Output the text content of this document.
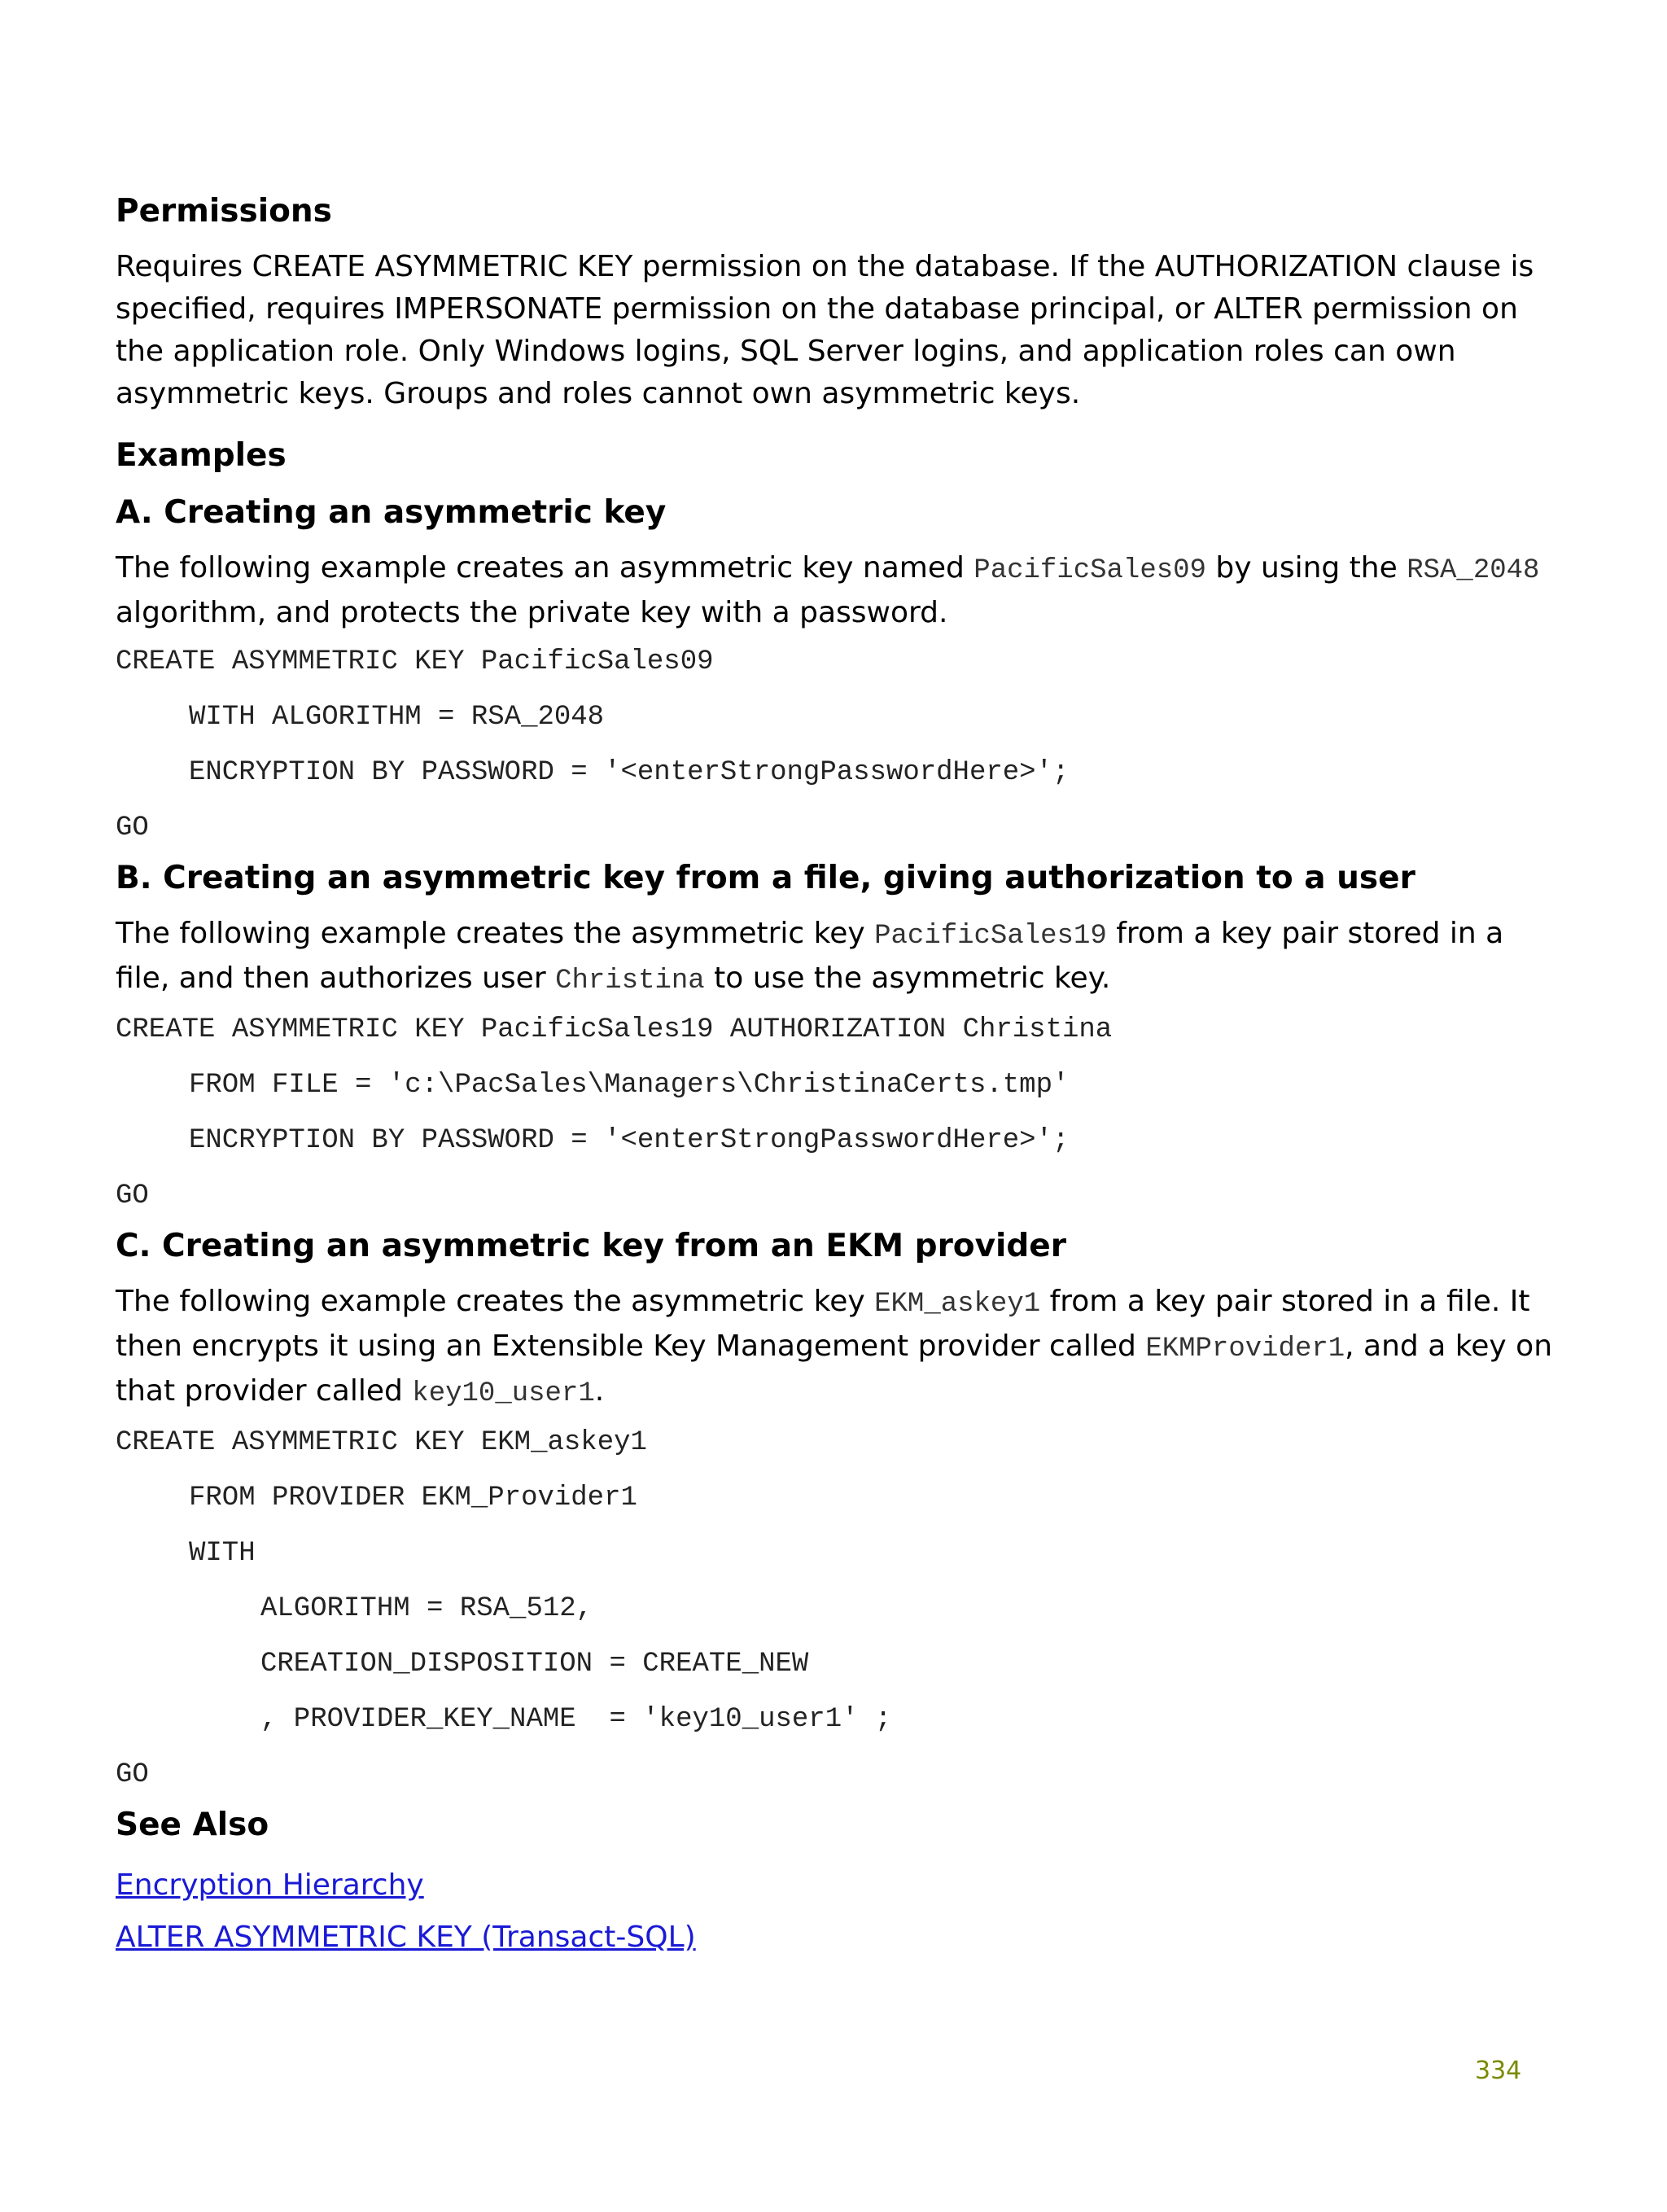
Permissions

Requires CREATE ASYMMETRIC KEY permission on the database. If the AUTHORIZATION clause is specified, requires IMPERSONATE permission on the database principal, or ALTER permission on the application role. Only Windows logins, SQL Server logins, and application roles can own asymmetric keys. Groups and roles cannot own asymmetric keys.

Examples
A. Creating an asymmetric key

The following example creates an asymmetric key named PacificSales09 by using the RSA_2048 algorithm, and protects the private key with a password.

CREATE ASYMMETRIC KEY PacificSales09
WITH ALGORITHM = RSA_2048
ENCRYPTION BY PASSWORD = '<enterStrongPasswordHere>';
GO
B. Creating an asymmetric key from a file, giving authorization to a user

The following example creates the asymmetric key PacificSales19 from a key pair stored in a file, and then authorizes user Christina to use the asymmetric key.

CREATE ASYMMETRIC KEY PacificSales19 AUTHORIZATION Christina
FROM FILE = 'c:\PacSales\Managers\ChristinaCerts.tmp'
ENCRYPTION BY PASSWORD = '<enterStrongPasswordHere>';
GO
C. Creating an asymmetric key from an EKM provider

The following example creates the asymmetric key EKM_askey1 from a key pair stored in a file. It then encrypts it using an Extensible Key Management provider called EKMProvider1, and a key on that provider called key10_user1.

CREATE ASYMMETRIC KEY EKM_askey1
FROM PROVIDER EKM_Provider1
WITH
ALGORITHM = RSA_512,
CREATION_DISPOSITION = CREATE_NEW
, PROVIDER_KEY_NAME  = 'key10_user1' ;
GO
See Also
Encryption Hierarchy
ALTER ASYMMETRIC KEY (Transact-SQL)
334
